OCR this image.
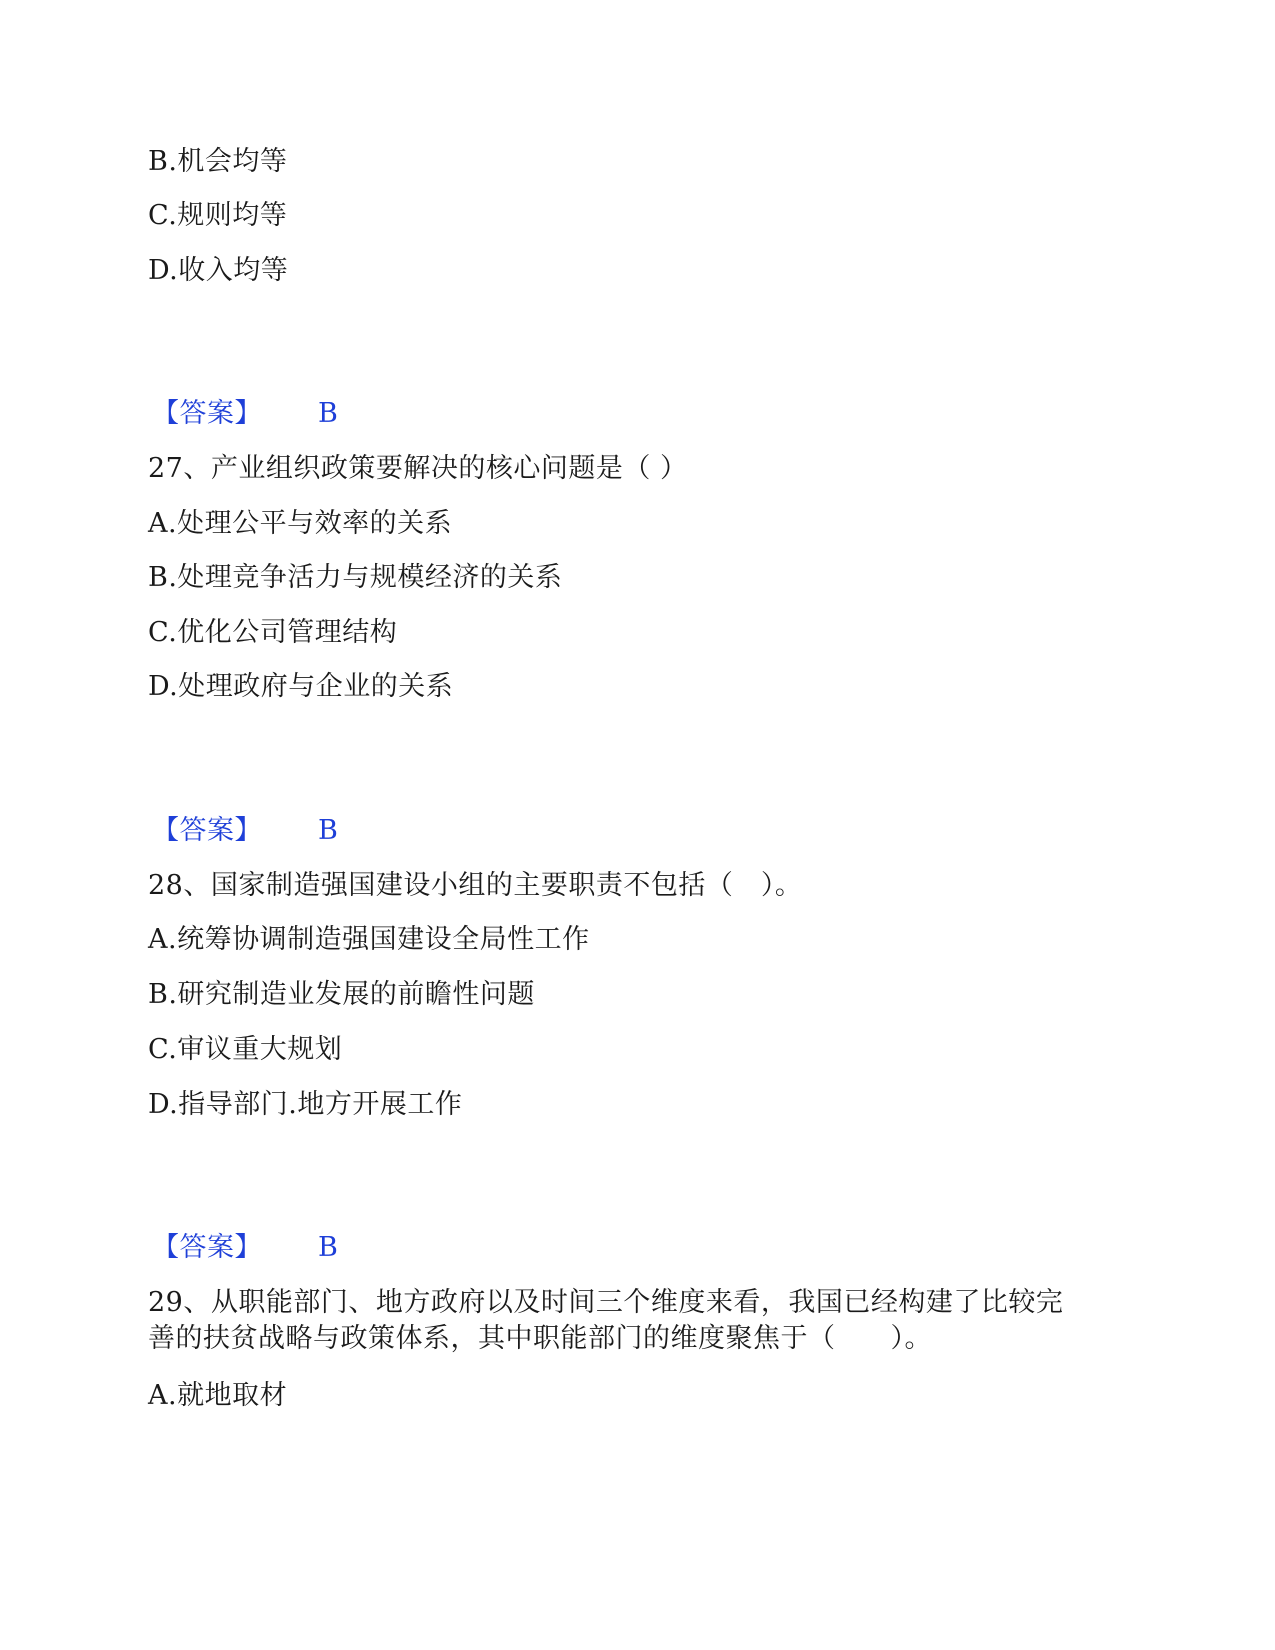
B.机会均等
C.规则均等
D.收入均等
【答案】 B
27、产业组织政策要解决的核心问题是（ ）
A.处理公平与效率的关系
B.处理竞争活力与规模经济的关系
C.优化公司管理结构
D.处理政府与企业的关系
【答案】 B
28、国家制造强国建设小组的主要职责不包括（　）。
A.统筹协调制造强国建设全局性工作
B.研究制造业发展的前瞻性问题
C.审议重大规划
D.指导部门.地方开展工作
【答案】 B
29、从职能部门、地方政府以及时间三个维度来看，我国已经构建了比较完
善的扶贫战略与政策体系，其中职能部门的维度聚焦于（　　）。
A.就地取材
